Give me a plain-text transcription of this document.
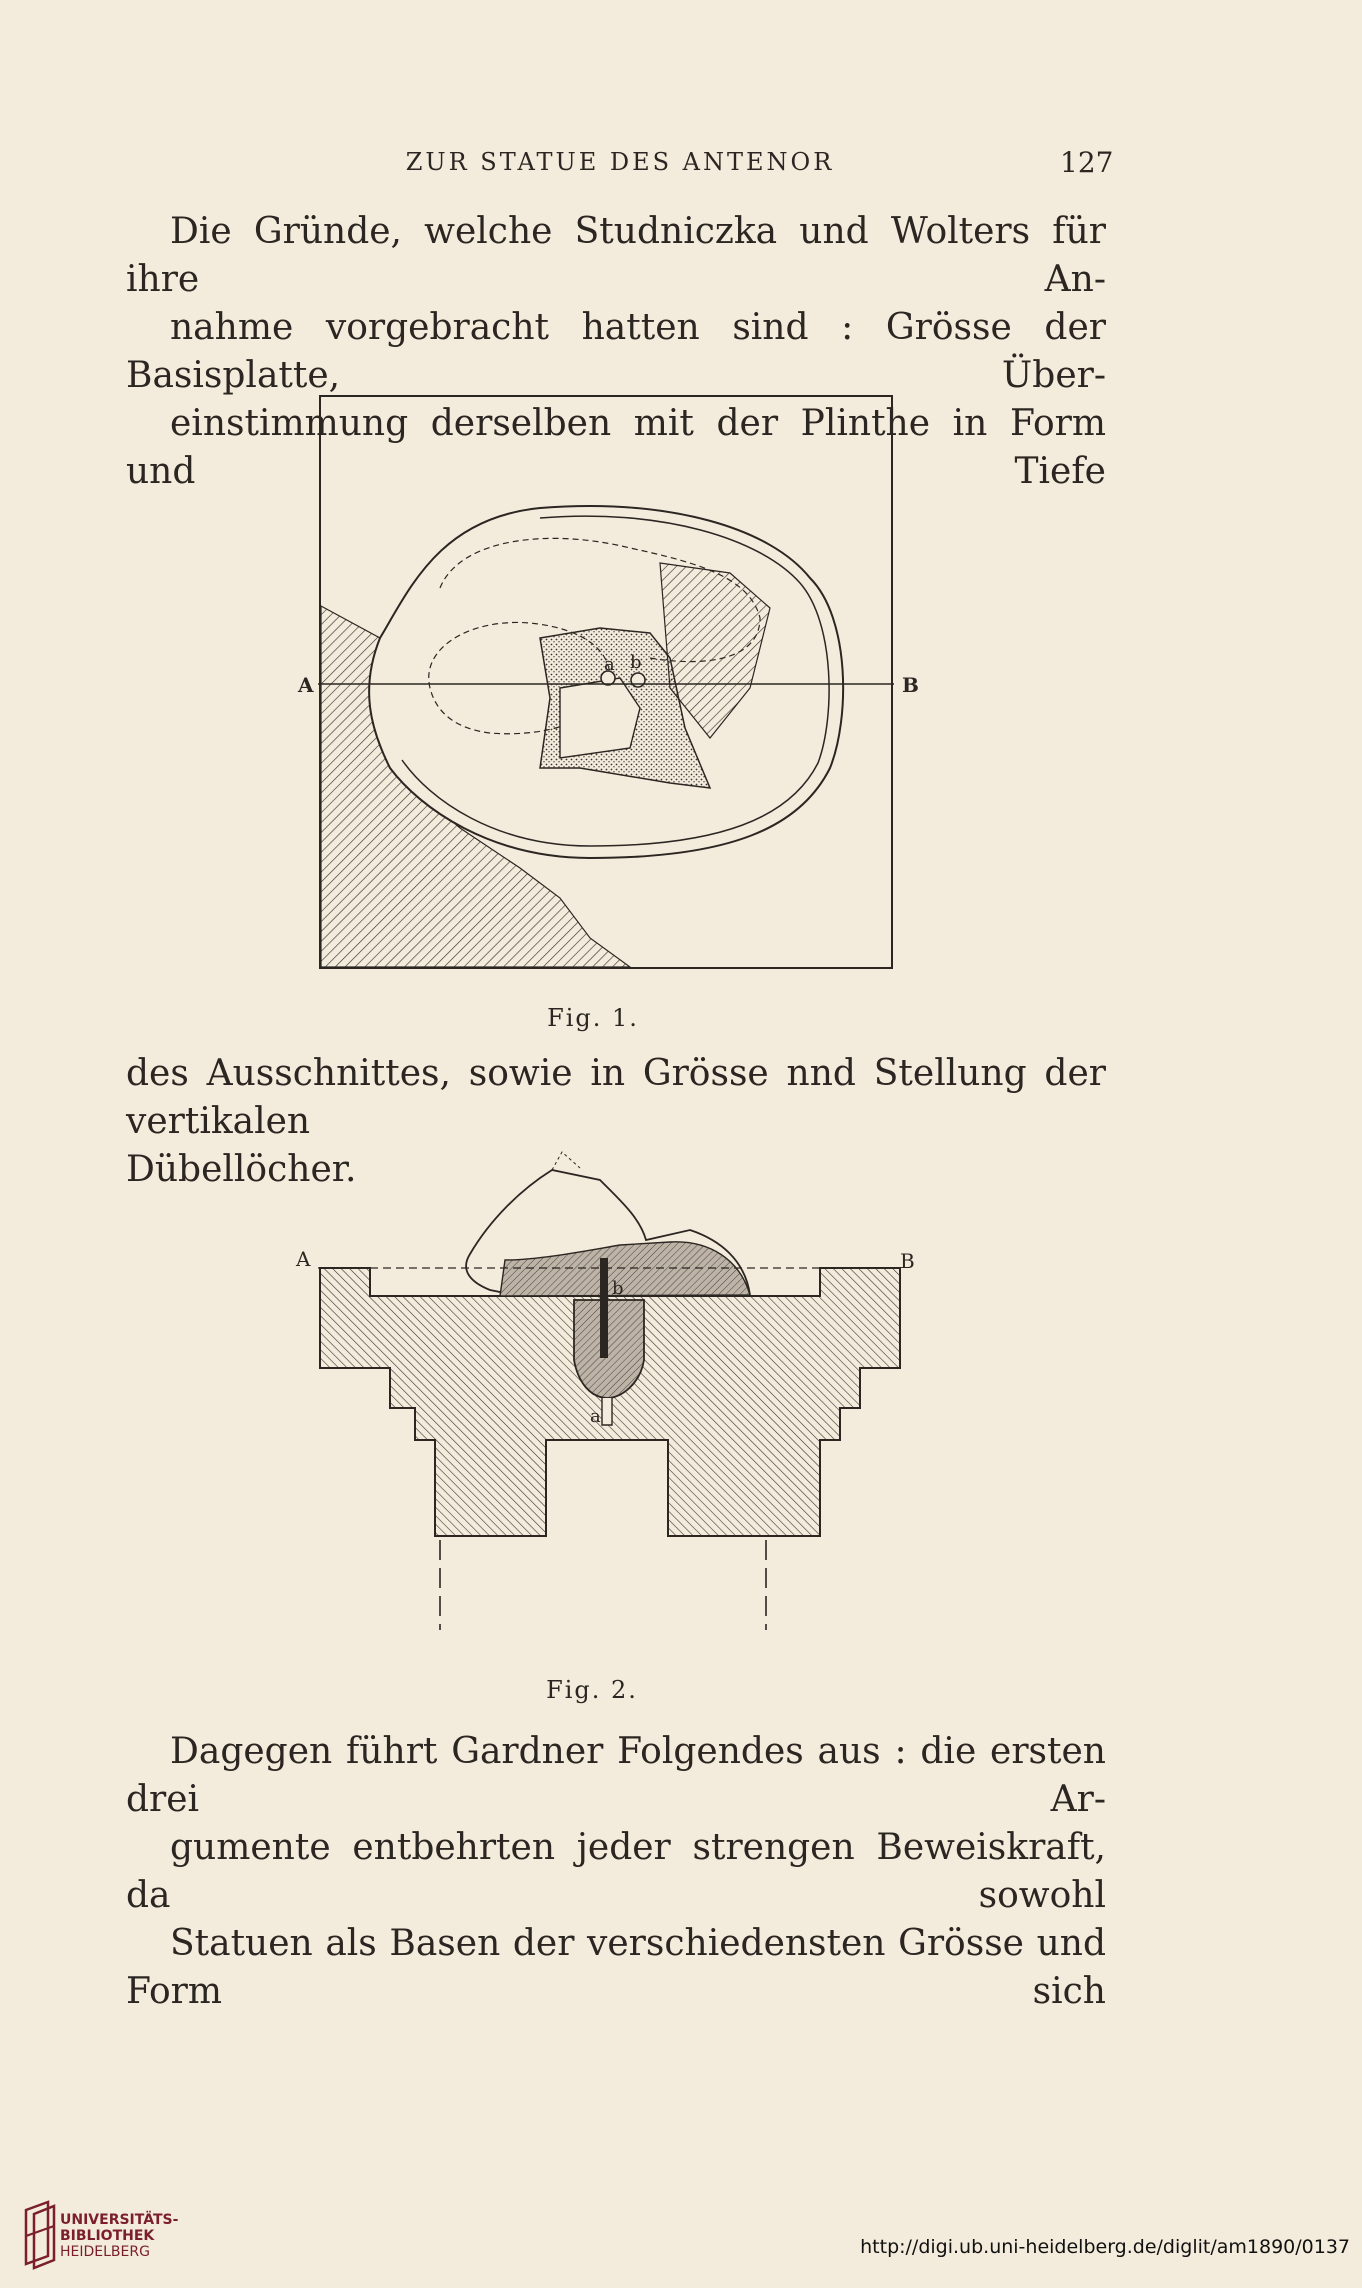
ZUR STATUE DES ANTENOR	127

Die Gründe, welche Studniczka und Wolters für ihre An-
nahme vorgebracht hatten sind : Grösse der Basisplatte, Über-
einstimmung derselben mit der Plinthe in Form und Tiefe

A	B
a b
Fig. 1.

des Ausschnittes, sowie in Grösse nnd Stellung der vertikalen
Dübellöcher.

A	B
a
b
Fig. 2.

Dagegen führt Gardner Folgendes aus : die ersten drei Ar-
gumente entbehrten jeder strengen Beweiskraft, da sowohl
Statuen als Basen der verschiedensten Grösse und Form sich

UNIVERSITÄTS-
BIBLIOTHEK
HEIDELBERG	http://digi.ub.uni-heidelberg.de/diglit/am1890/0137
